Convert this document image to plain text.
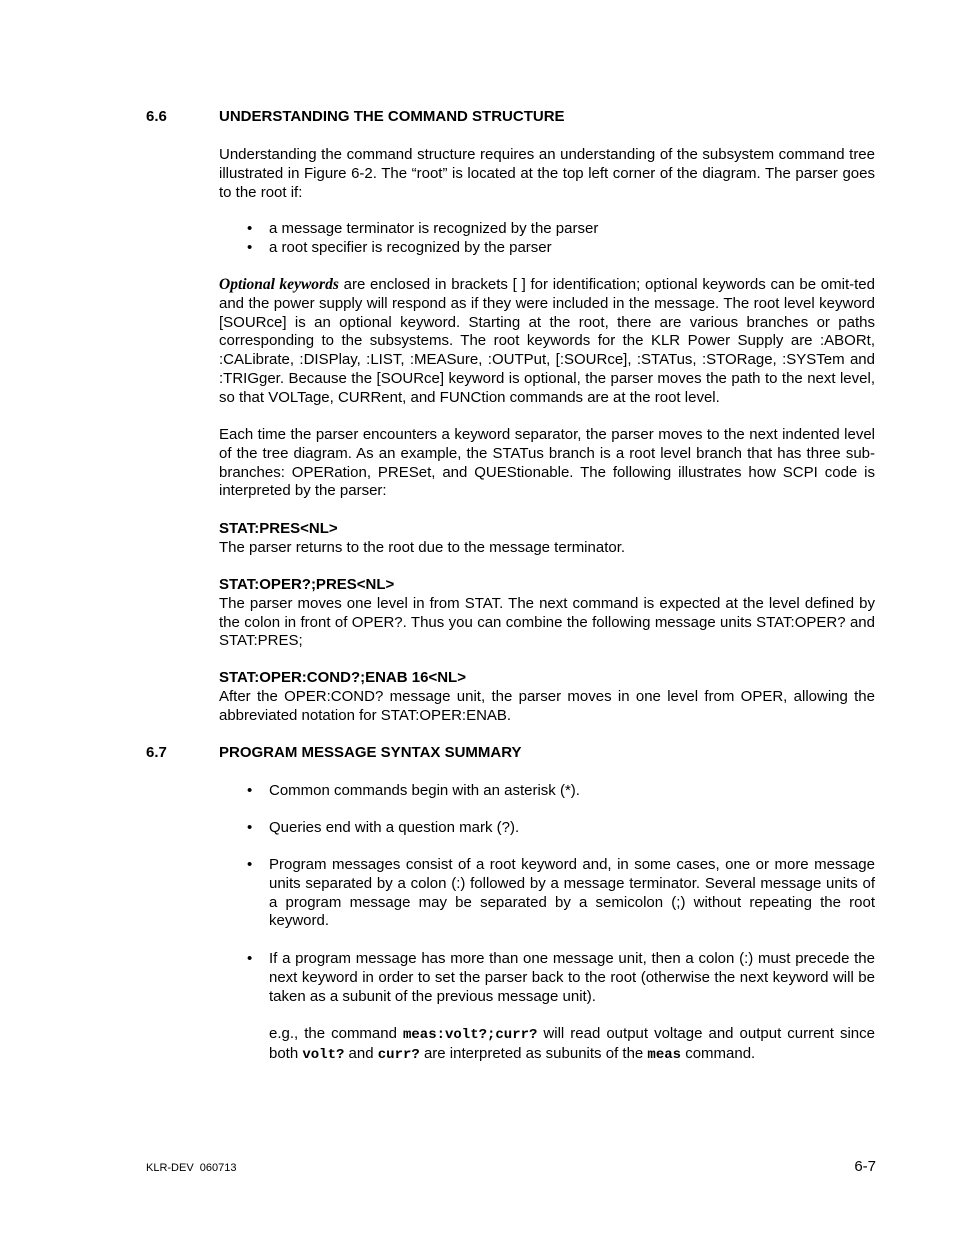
6.6	UNDERSTANDING THE COMMAND STRUCTURE
Understanding the command structure requires an understanding of the subsystem command tree illustrated in Figure 6-2. The “root” is located at the top left corner of the diagram. The parser goes to the root if:
• a message terminator is recognized by the parser
• a root specifier is recognized by the parser
Optional keywords are enclosed in brackets [ ] for identification; optional keywords can be omit-ted and the power supply will respond as if they were included in the message. The root level keyword [SOURce] is an optional keyword. Starting at the root, there are various branches or paths corresponding to the subsystems. The root keywords for the KLR Power Supply are :ABORt, :CALibrate, :DISPlay, :LIST, :MEASure, :OUTPut, [:SOURce], :STATus, :STORage, :SYSTem and :TRIGger. Because the [SOURce] keyword is optional, the parser moves the path to the next level, so that VOLTage, CURRent, and FUNCtion commands are at the root level.
Each time the parser encounters a keyword separator, the parser moves to the next indented level of the tree diagram. As an example, the STATus branch is a root level branch that has three sub-branches: OPERation, PRESet, and QUEStionable. The following illustrates how SCPI code is interpreted by the parser:

STAT:PRES<NL>

The parser returns to the root due to the message terminator.

STAT:OPER?;PRES<NL>

The parser moves one level in from STAT. The next command is expected at the level defined by the colon in front of OPER?. Thus you can combine the following message units STAT:OPER? and STAT:PRES;

STAT:OPER:COND?;ENAB 16<NL>

After the OPER:COND? message unit, the parser moves in one level from OPER, allowing the abbreviated notation for STAT:OPER:ENAB.

6.7	PROGRAM MESSAGE SYNTAX SUMMARY
• Common commands begin with an asterisk (*).
• Queries end with a question mark (?).
• Program messages consist of a root keyword and, in some cases, one or more message units separated by a colon (:) followed by a message terminator. Several message units of a program message may be separated by a semicolon (;) without repeating the root keyword.
• If a program message has more than one message unit, then a colon (:) must precede the next keyword in order to set the parser back to the root (otherwise the next keyword will be taken as a subunit of the previous message unit).
e.g., the command meas:volt?;curr? will read output voltage and output current since both volt? and curr? are interpreted as subunits of the meas command.
KLR-DEV  060713	6-7
